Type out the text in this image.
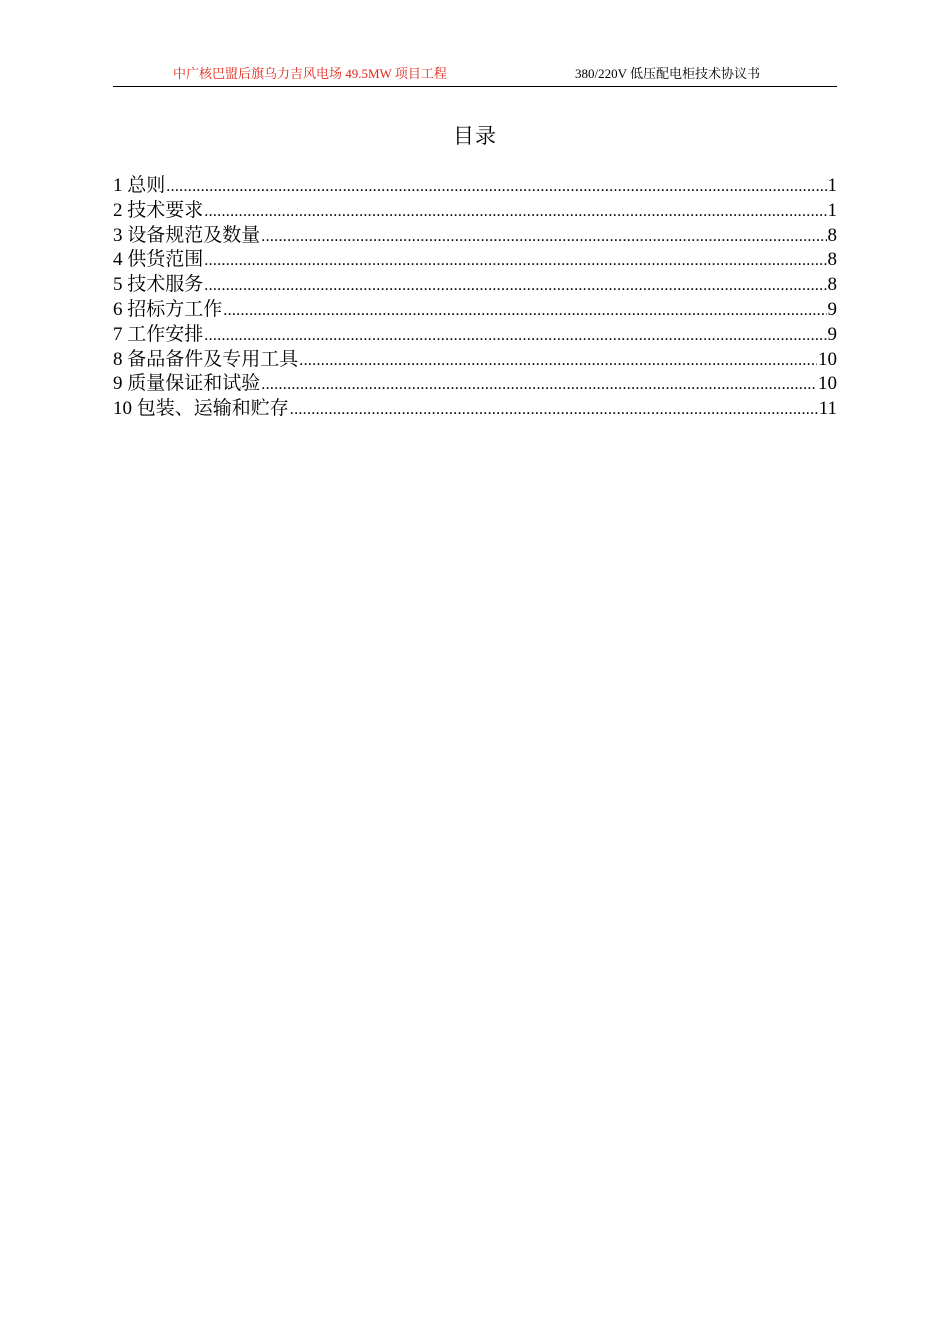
中广核巴盟后旗乌力吉风电场 49.5MW 项目工程	380/220V 低压配电柜技术协议书
目录
1 总则 .....	1
2 技术要求 .....	1
3 设备规范及数量 .....	8
4 供货范围 .....	8
5 技术服务 .....	8
6 招标方工作 .....	9
7 工作安排 .....	9
8 备品备件及专用工具 .....	10
9 质量保证和试验 .....	10
10 包装、运输和贮存 .....	11
